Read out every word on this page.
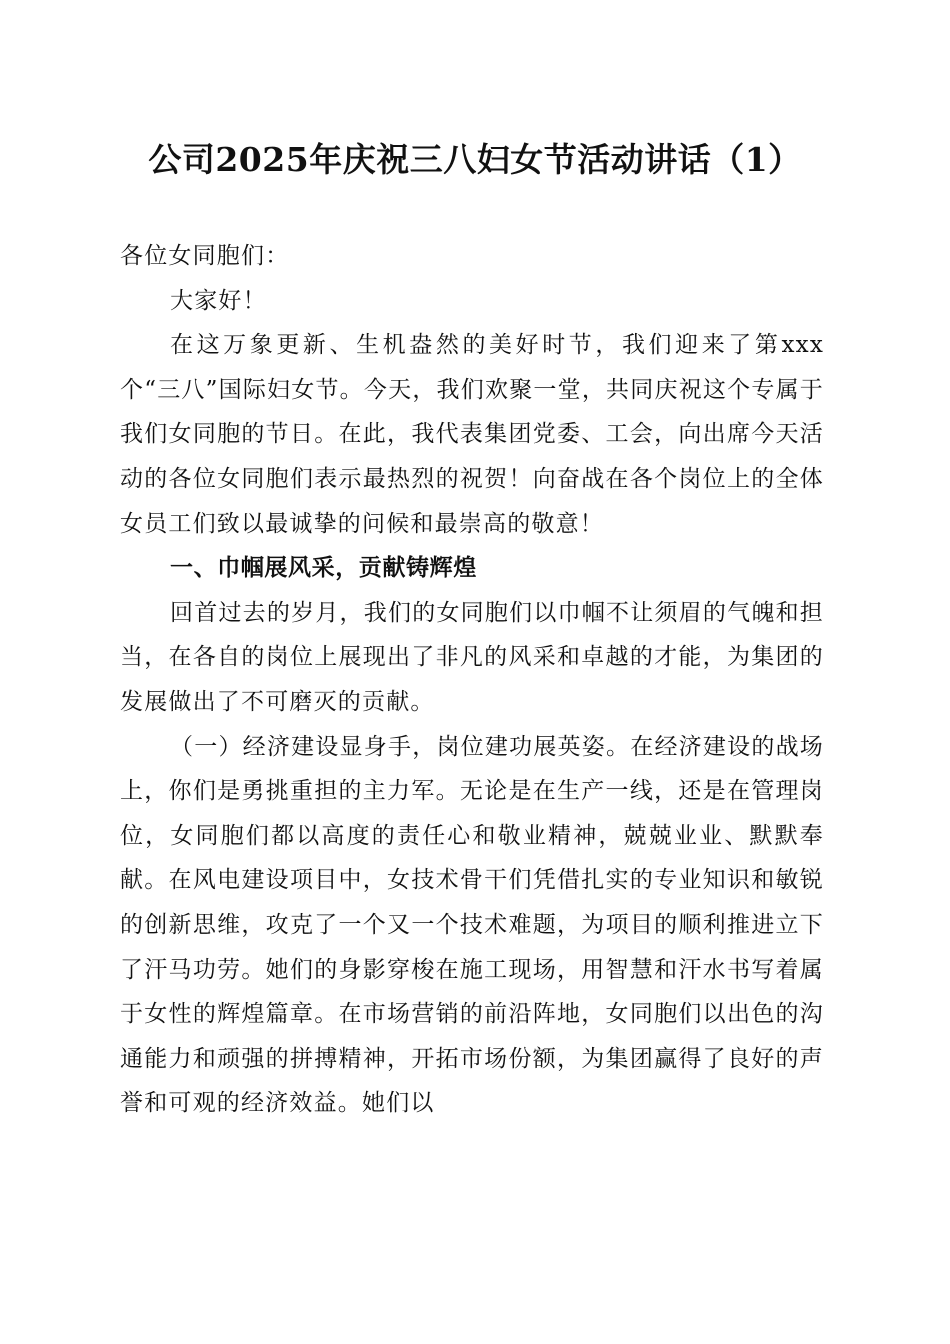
公司2025年庆祝三八妇女节活动讲话（1）

各位女同胞们：

大家好！

在这万象更新、生机盎然的美好时节，我们迎来了第xxx个“三八”国际妇女节。今天，我们欢聚一堂，共同庆祝这个专属于我们女同胞的节日。在此，我代表集团党委、工会，向出席今天活动的各位女同胞们表示最热烈的祝贺！向奋战在各个岗位上的全体女员工们致以最诚挚的问候和最崇高的敬意！

一、巾帼展风采，贡献铸辉煌

回首过去的岁月，我们的女同胞们以巾帼不让须眉的气魄和担当，在各自的岗位上展现出了非凡的风采和卓越的才能，为集团的发展做出了不可磨灭的贡献。

（一）经济建设显身手，岗位建功展英姿。在经济建设的战场上，你们是勇挑重担的主力军。无论是在生产一线，还是在管理岗位，女同胞们都以高度的责任心和敬业精神，兢兢业业、默默奉献。在风电建设项目中，女技术骨干们凭借扎实的专业知识和敏锐的创新思维，攻克了一个又一个技术难题，为项目的顺利推进立下了汗马功劳。她们的身影穿梭在施工现场，用智慧和汗水书写着属于女性的辉煌篇章。在市场营销的前沿阵地，女同胞们以出色的沟通能力和顽强的拼搏精神，开拓市场份额，为集团赢得了良好的声誉和可观的经济效益。她们以
